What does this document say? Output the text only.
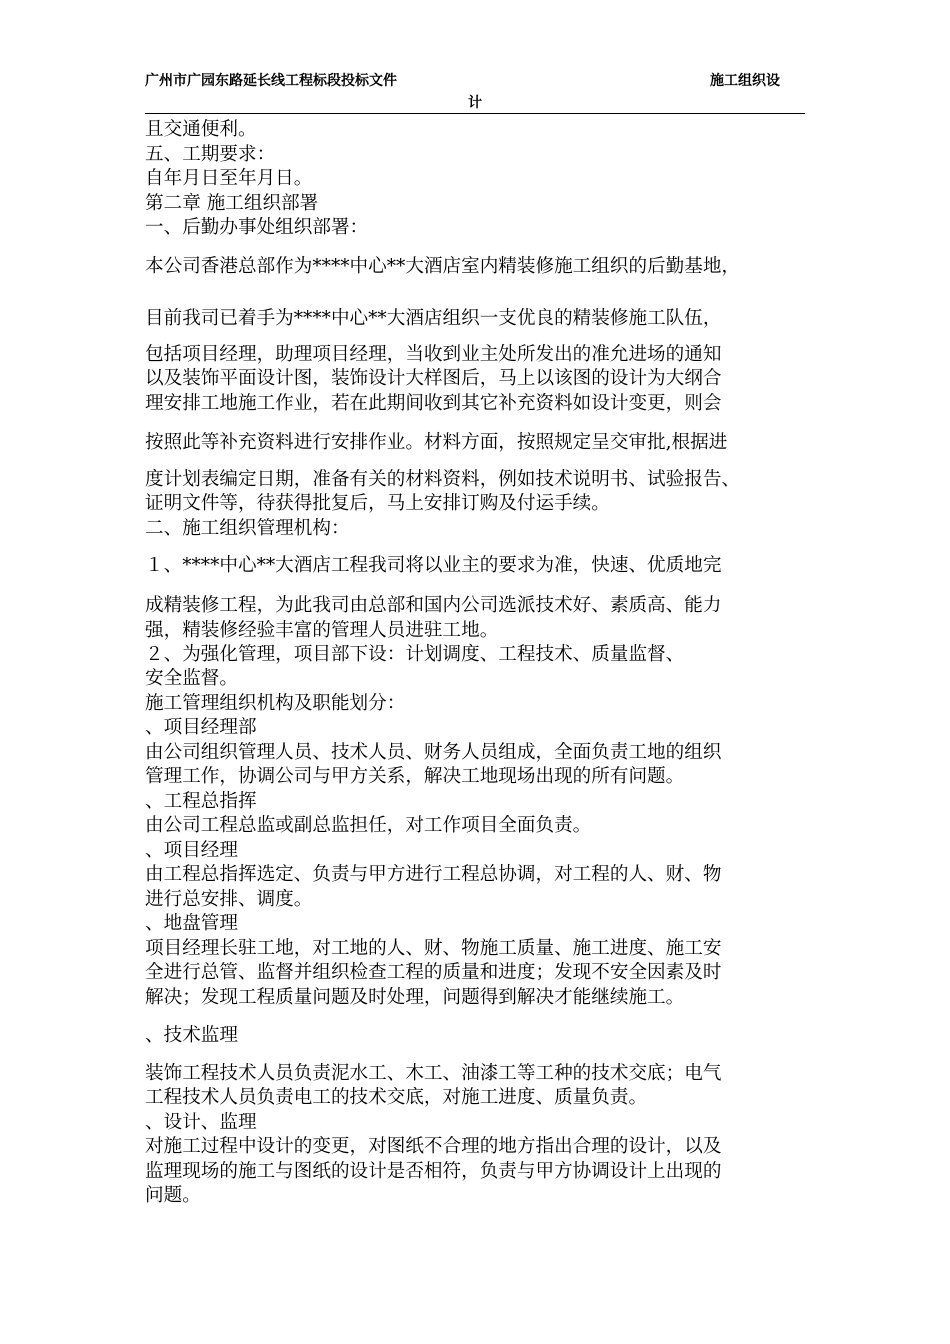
广州市广园东路延长线工程标段投标文件	施工组织设
计
且交通便利。
五、工期要求：
自年月日至年月日。
第二章 施工组织部署
一、后勤办事处组织部署：
本公司香港总部作为****中心**大酒店室内精装修施工组织的后勤基地，
目前我司已着手为****中心**大酒店组织一支优良的精装修施工队伍，
包括项目经理，助理项目经理，当收到业主处所发出的准允进场的通知
以及装饰平面设计图，装饰设计大样图后，马上以该图的设计为大纲合
理安排工地施工作业，若在此期间收到其它补充资料如设计变更，则会
按照此等补充资料进行安排作业。材料方面，按照规定呈交审批,根据进
度计划表编定日期，准备有关的材料资料，例如技术说明书、试验报告、
证明文件等，待获得批复后，马上安排订购及付运手续。
二、施工组织管理机构：
１、****中心**大酒店工程我司将以业主的要求为准，快速、优质地完
成精装修工程，为此我司由总部和国内公司选派技术好、素质高、能力
强，精装修经验丰富的管理人员进驻工地。
２、为强化管理，项目部下设：计划调度、工程技术、质量监督、
安全监督。
施工管理组织机构及职能划分：
、项目经理部
由公司组织管理人员、技术人员、财务人员组成，全面负责工地的组织
管理工作，协调公司与甲方关系，解决工地现场出现的所有问题。
、工程总指挥
由公司工程总监或副总监担任，对工作项目全面负责。
、项目经理
由工程总指挥选定、负责与甲方进行工程总协调，对工程的人、财、物
进行总安排、调度。
、地盘管理
项目经理长驻工地，对工地的人、财、物施工质量、施工进度、施工安
全进行总管、监督并组织检查工程的质量和进度；发现不安全因素及时
解决；发现工程质量问题及时处理，问题得到解决才能继续施工。
、技术监理
装饰工程技术人员负责泥水工、木工、油漆工等工种的技术交底；电气
工程技术人员负责电工的技术交底，对施工进度、质量负责。
、设计、监理
对施工过程中设计的变更，对图纸不合理的地方指出合理的设计，以及
监理现场的施工与图纸的设计是否相符，负责与甲方协调设计上出现的
问题。
